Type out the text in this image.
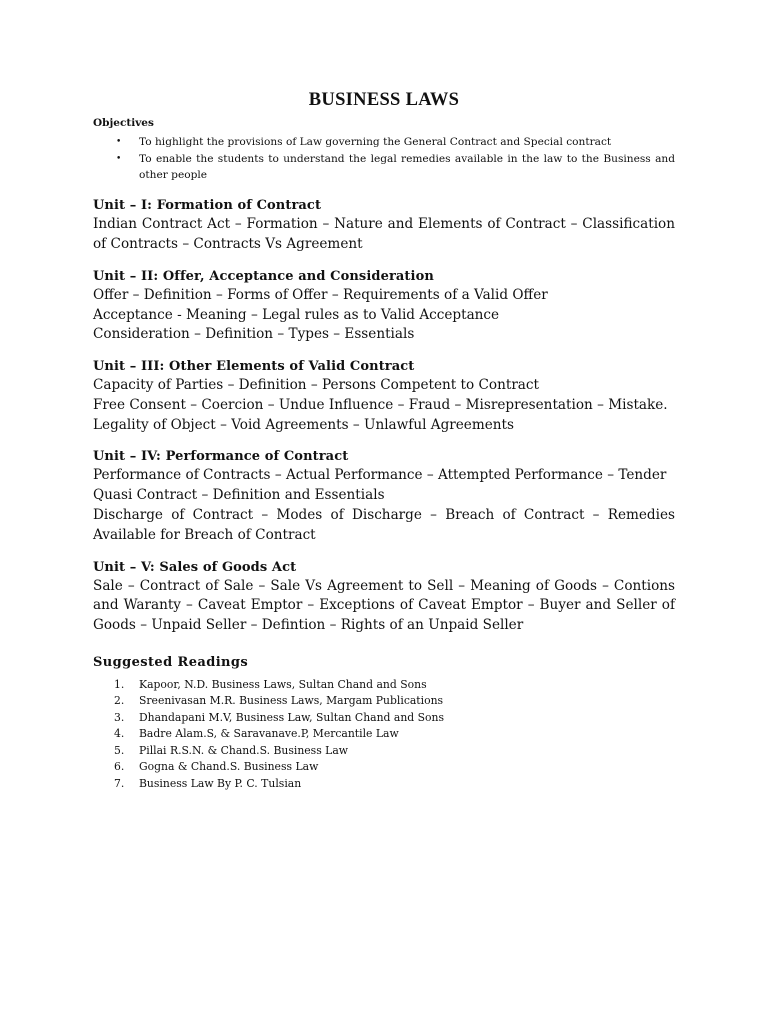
BUSINESS LAWS
Objectives
• To highlight the provisions of Law governing the General Contract and Special contract
• To enable the students to understand the legal remedies available in the law to the Business and other people
Unit – I: Formation of Contract
Indian Contract Act – Formation – Nature and Elements of Contract – Classification of Contracts – Contracts Vs Agreement
Unit – II: Offer, Acceptance and Consideration
Offer – Definition – Forms of Offer – Requirements of a Valid Offer
Acceptance - Meaning – Legal rules as to Valid Acceptance
Consideration – Definition – Types – Essentials
Unit – III: Other Elements of Valid Contract
Capacity of Parties – Definition – Persons Competent to Contract
Free Consent – Coercion – Undue Influence – Fraud – Misrepresentation – Mistake.
Legality of Object – Void Agreements – Unlawful Agreements
Unit – IV: Performance of Contract
Performance of Contracts – Actual Performance – Attempted Performance – Tender
Quasi Contract – Definition and Essentials
Discharge of Contract – Modes of Discharge – Breach of Contract – Remedies Available for Breach of Contract
Unit – V: Sales of Goods Act
Sale – Contract of Sale – Sale Vs Agreement to Sell – Meaning of Goods – Contions and Waranty – Caveat Emptor – Exceptions of Caveat Emptor – Buyer and Seller of Goods – Unpaid Seller – Defintion – Rights of an Unpaid Seller
Suggested Readings
1. Kapoor, N.D. Business Laws, Sultan Chand and Sons
2. Sreenivasan M.R. Business Laws, Margam Publications
3. Dhandapani M.V, Business Law, Sultan Chand and Sons
4. Badre Alam.S, & Saravanave.P, Mercantile Law
5. Pillai R.S.N. & Chand.S. Business Law
6. Gogna & Chand.S. Business Law
7. Business Law By P. C. Tulsian
